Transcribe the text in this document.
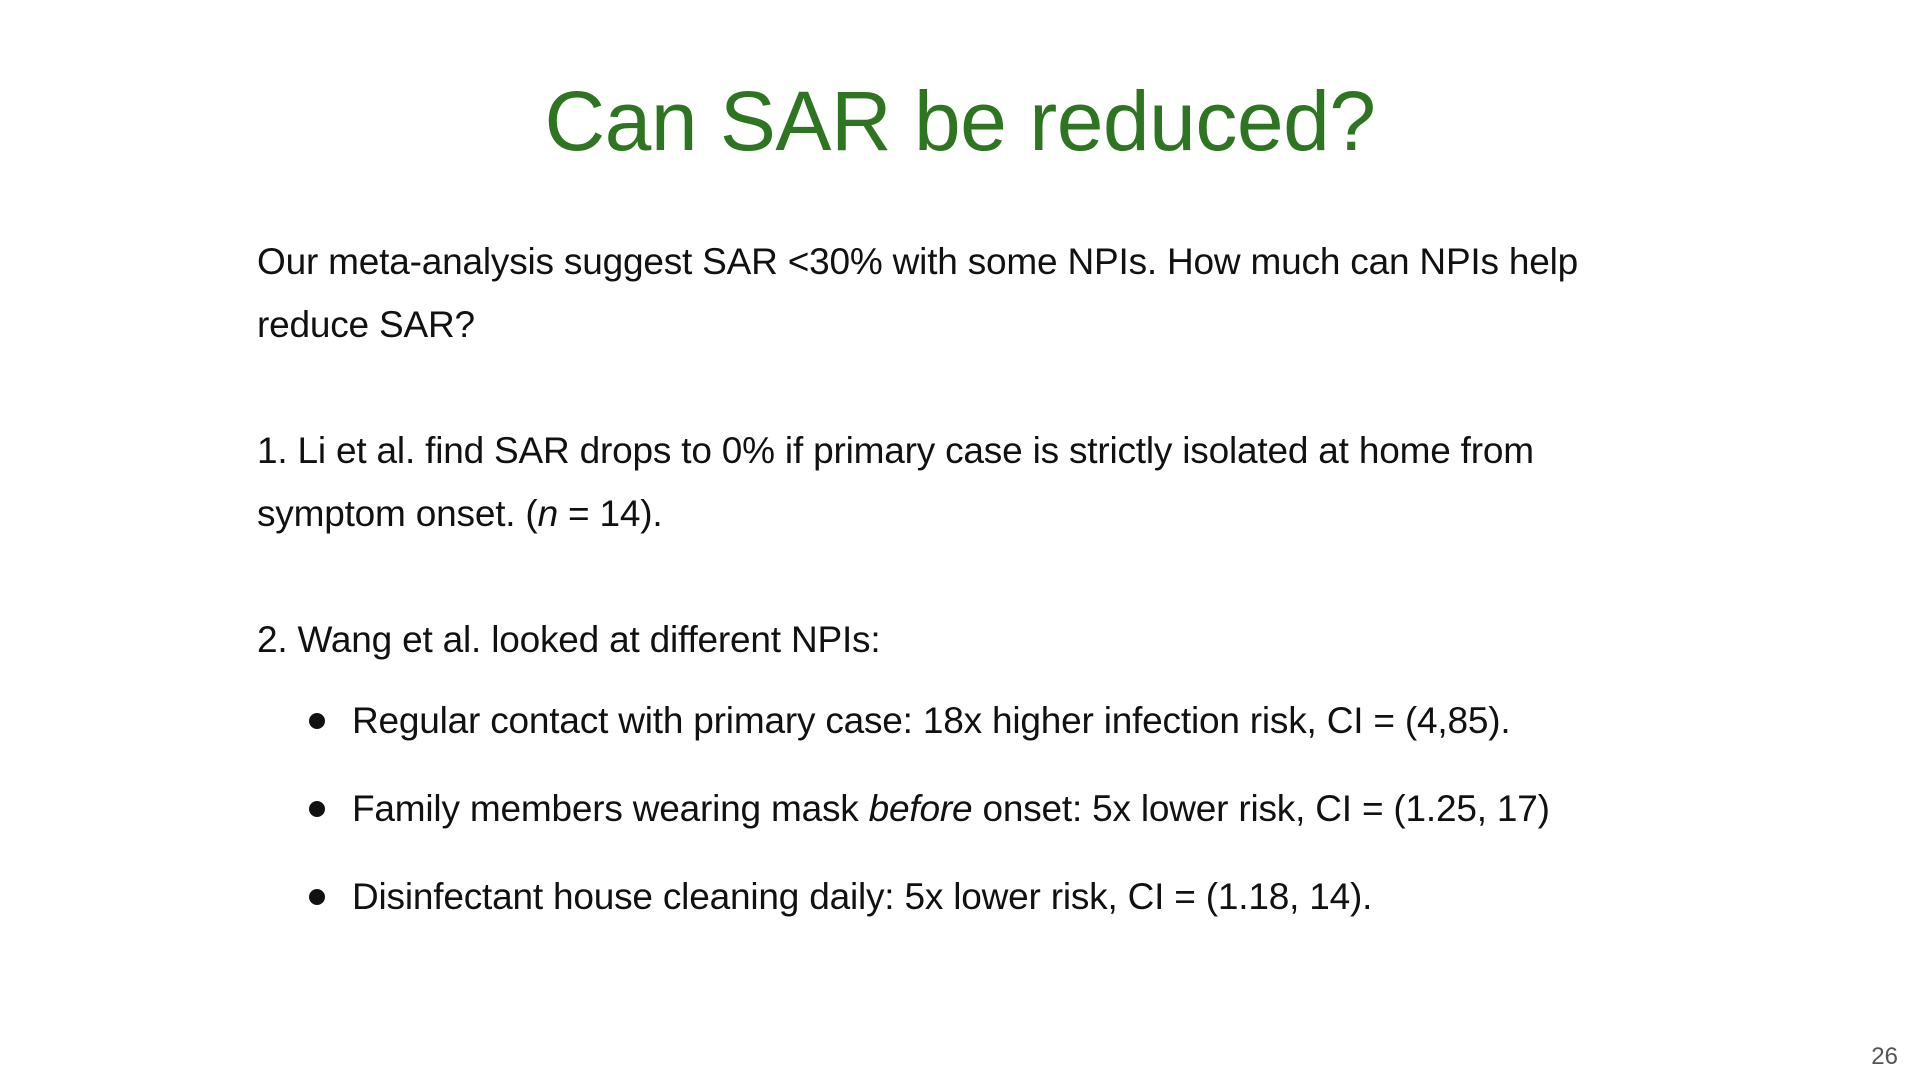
Can SAR be reduced?

Our meta-analysis suggest SAR <30% with some NPIs. How much can NPIs help reduce SAR?

1. Li et al. find SAR drops to 0% if primary case is strictly isolated at home from symptom onset. (n = 14).

2. Wang et al. looked at different NPIs:

Regular contact with primary case: 18x higher infection risk, CI = (4,85).
Family members wearing mask before onset: 5x lower risk, CI = (1.25, 17)
Disinfectant house cleaning daily: 5x lower risk, CI = (1.18, 14).
26
